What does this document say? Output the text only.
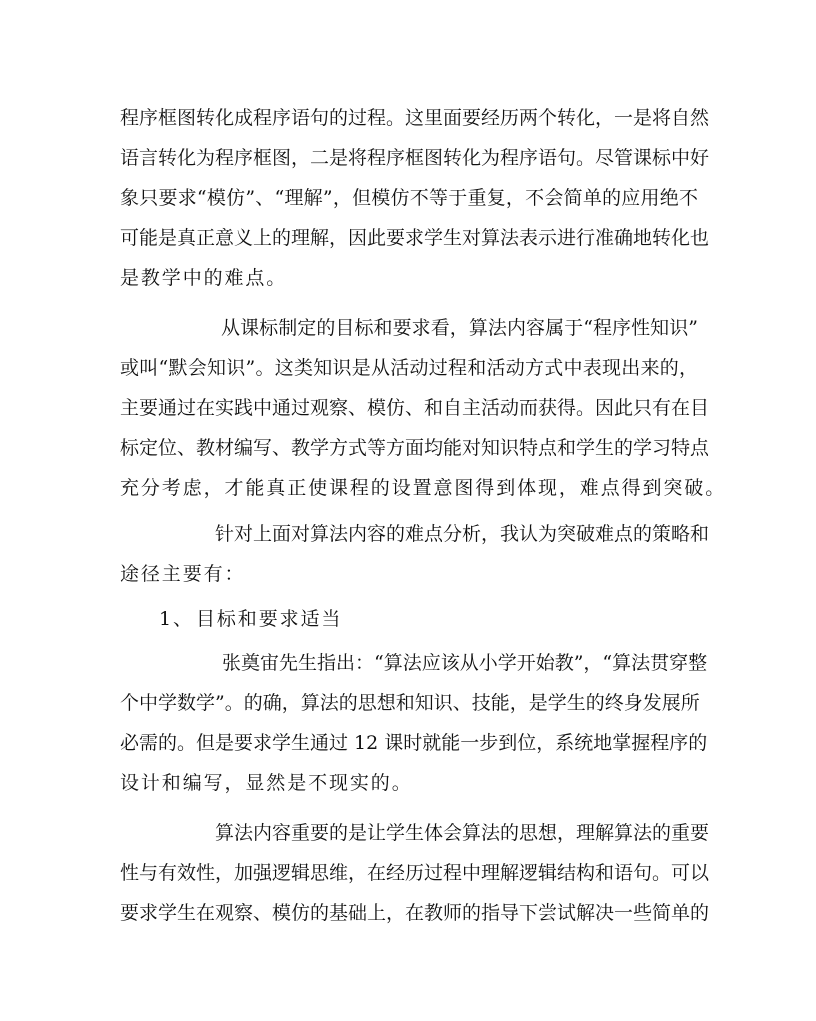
程序框图转化成程序语句的过程。这里面要经历两个转化，一是将自然
语言转化为程序框图，二是将程序框图转化为程序语句。尽管课标中好
象只要求“模仿”、“理解”，但模仿不等于重复，不会简单的应用绝不
可能是真正意义上的理解，因此要求学生对算法表示进行准确地转化也
是教学中的难点。
从课标制定的目标和要求看，算法内容属于“程序性知识”
或叫“默会知识”。这类知识是从活动过程和活动方式中表现出来的，
主要通过在实践中通过观察、模仿、和自主活动而获得。因此只有在目
标定位、教材编写、教学方式等方面均能对知识特点和学生的学习特点
充分考虑，才能真正使课程的设置意图得到体现，难点得到突破。
针对上面对算法内容的难点分析，我认为突破难点的策略和
途径主要有：
1、 目标和要求适当
张奠宙先生指出：“算法应该从小学开始教”，“算法贯穿整
个中学数学”。的确，算法的思想和知识、技能，是学生的终身发展所
必需的。但是要求学生通过 12 课时就能一步到位，系统地掌握程序的
设计和编写，显然是不现实的。
算法内容重要的是让学生体会算法的思想，理解算法的重要
性与有效性，加强逻辑思维，在经历过程中理解逻辑结构和语句。可以
要求学生在观察、模仿的基础上，在教师的指导下尝试解决一些简单的
